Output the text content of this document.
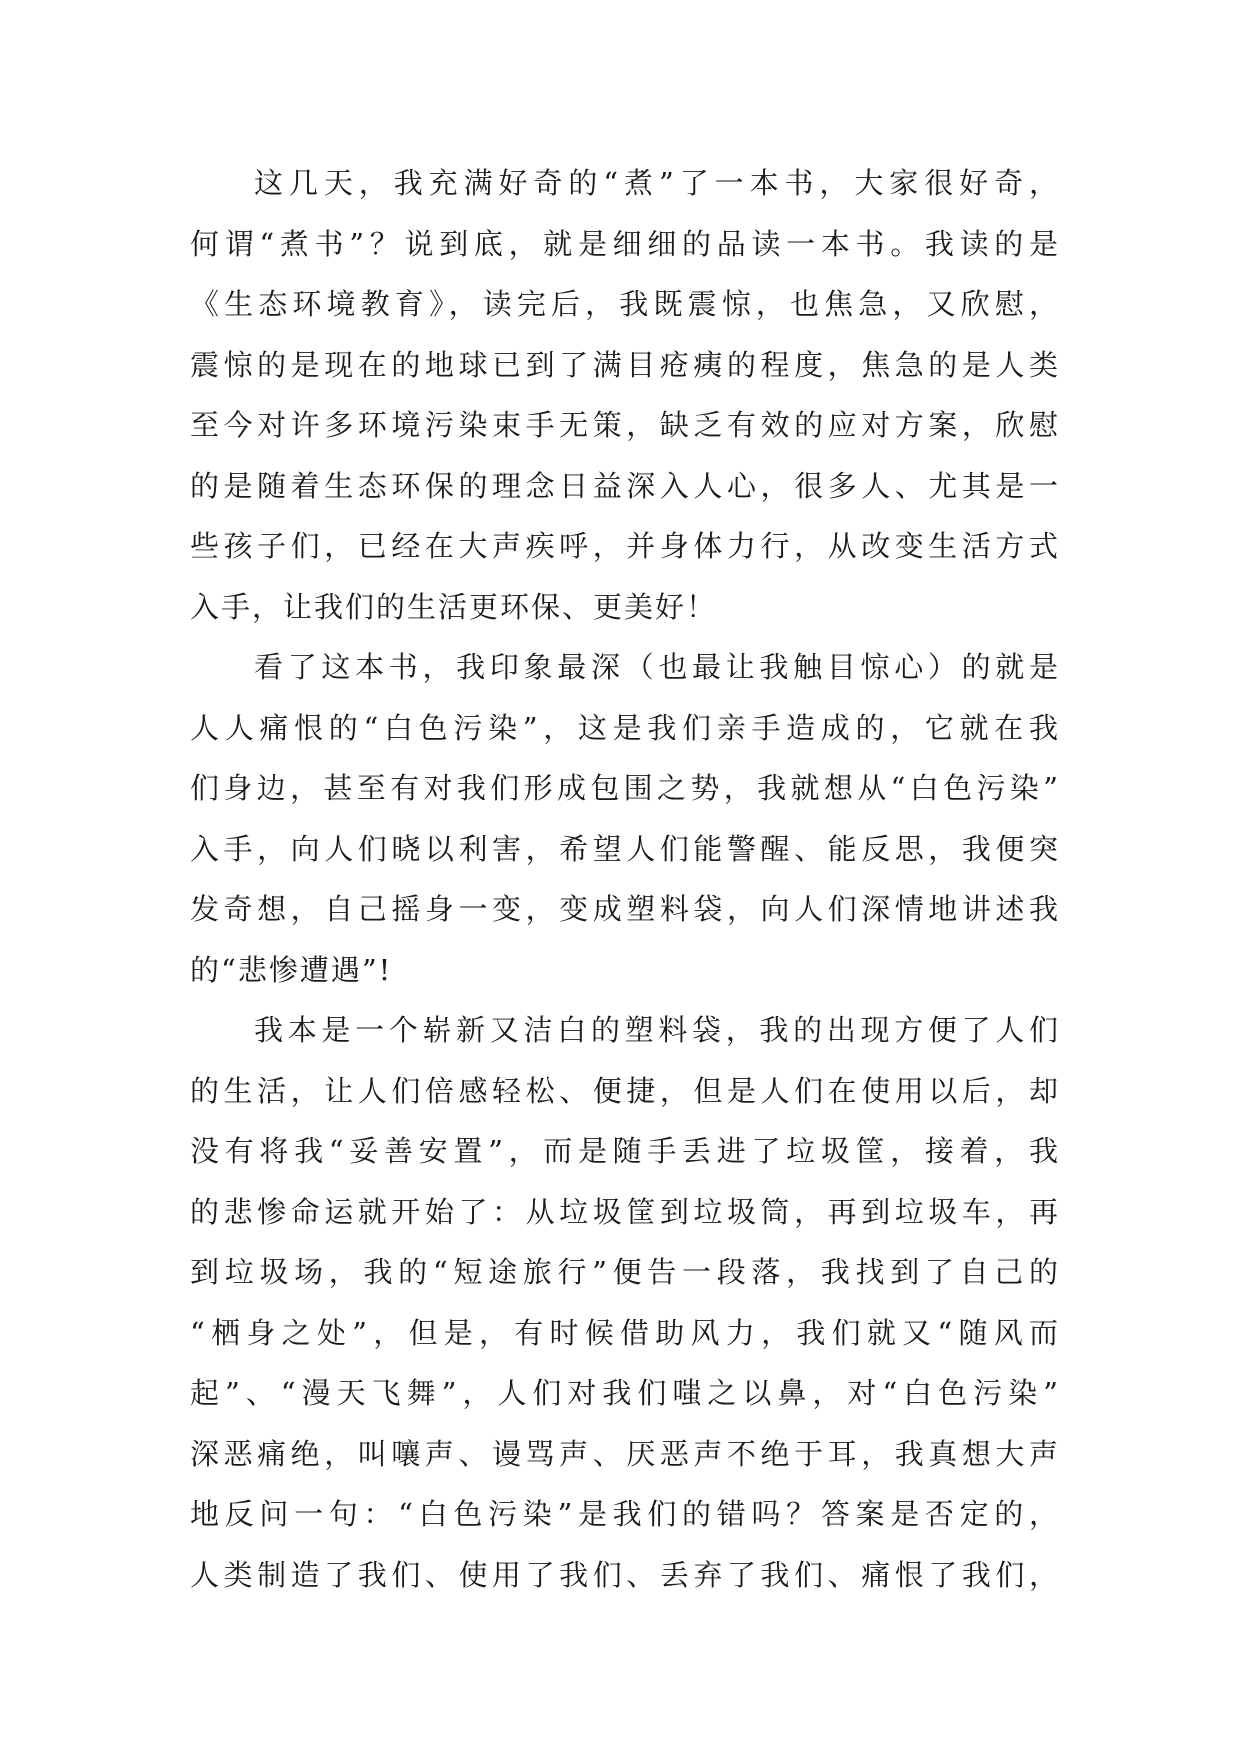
这几天，我充满好奇的“煮”了一本书，大家很好奇，
何谓“煮书”？说到底，就是细细的品读一本书。我读的是
《生态环境教育》，读完后，我既震惊，也焦急，又欣慰，
震惊的是现在的地球已到了满目疮痍的程度，焦急的是人类
至今对许多环境污染束手无策，缺乏有效的应对方案，欣慰
的是随着生态环保的理念日益深入人心，很多人、尤其是一
些孩子们，已经在大声疾呼，并身体力行，从改变生活方式
入手，让我们的生活更环保、更美好！
看了这本书，我印象最深（也最让我触目惊心）的就是
人人痛恨的“白色污染”，这是我们亲手造成的，它就在我
们身边，甚至有对我们形成包围之势，我就想从“白色污染”
入手，向人们晓以利害，希望人们能警醒、能反思，我便突
发奇想，自己摇身一变，变成塑料袋，向人们深情地讲述我
的“悲惨遭遇”!
我本是一个崭新又洁白的塑料袋，我的出现方便了人们
的生活，让人们倍感轻松、便捷，但是人们在使用以后，却
没有将我“妥善安置”，而是随手丢进了垃圾筐，接着，我
的悲惨命运就开始了：从垃圾筐到垃圾筒，再到垃圾车，再
到垃圾场，我的“短途旅行”便告一段落，我找到了自己的
“栖身之处”，但是，有时候借助风力，我们就又“随风而
起”、“漫天飞舞”，人们对我们嗤之以鼻，对“白色污染”
深恶痛绝，叫嚷声、谩骂声、厌恶声不绝于耳，我真想大声
地反问一句：“白色污染”是我们的错吗？答案是否定的，
人类制造了我们、使用了我们、丢弃了我们、痛恨了我们，
